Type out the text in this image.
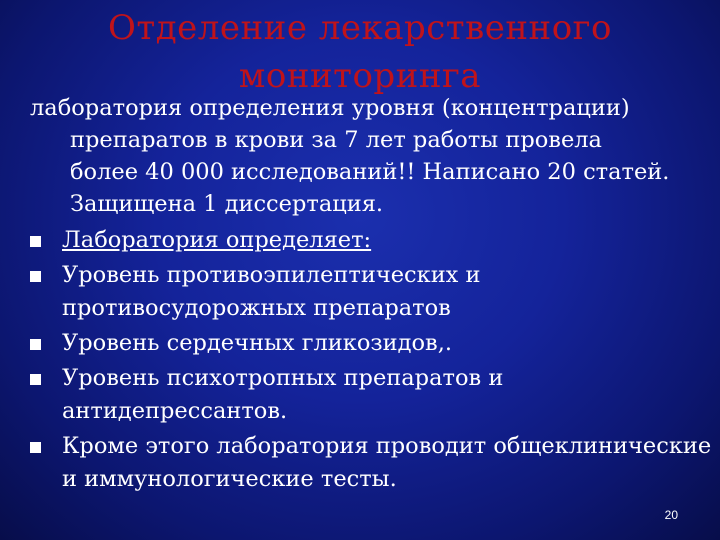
Отделение лекарственного
мониторинга

лаборатория определения уровня (концентрации)
препаратов в крови за 7 лет работы провела
более 40 000 исследований!! Написано 20 статей.
Защищена 1 диссертация.

Лаборатория определяет:
Уровень противоэпилептических и противосудорожных препаратов
Уровень сердечных гликозидов,.
Уровень психотропных препаратов и антидепрессантов.
Кроме этого лаборатория проводит общеклинические и иммунологические тесты.
20
